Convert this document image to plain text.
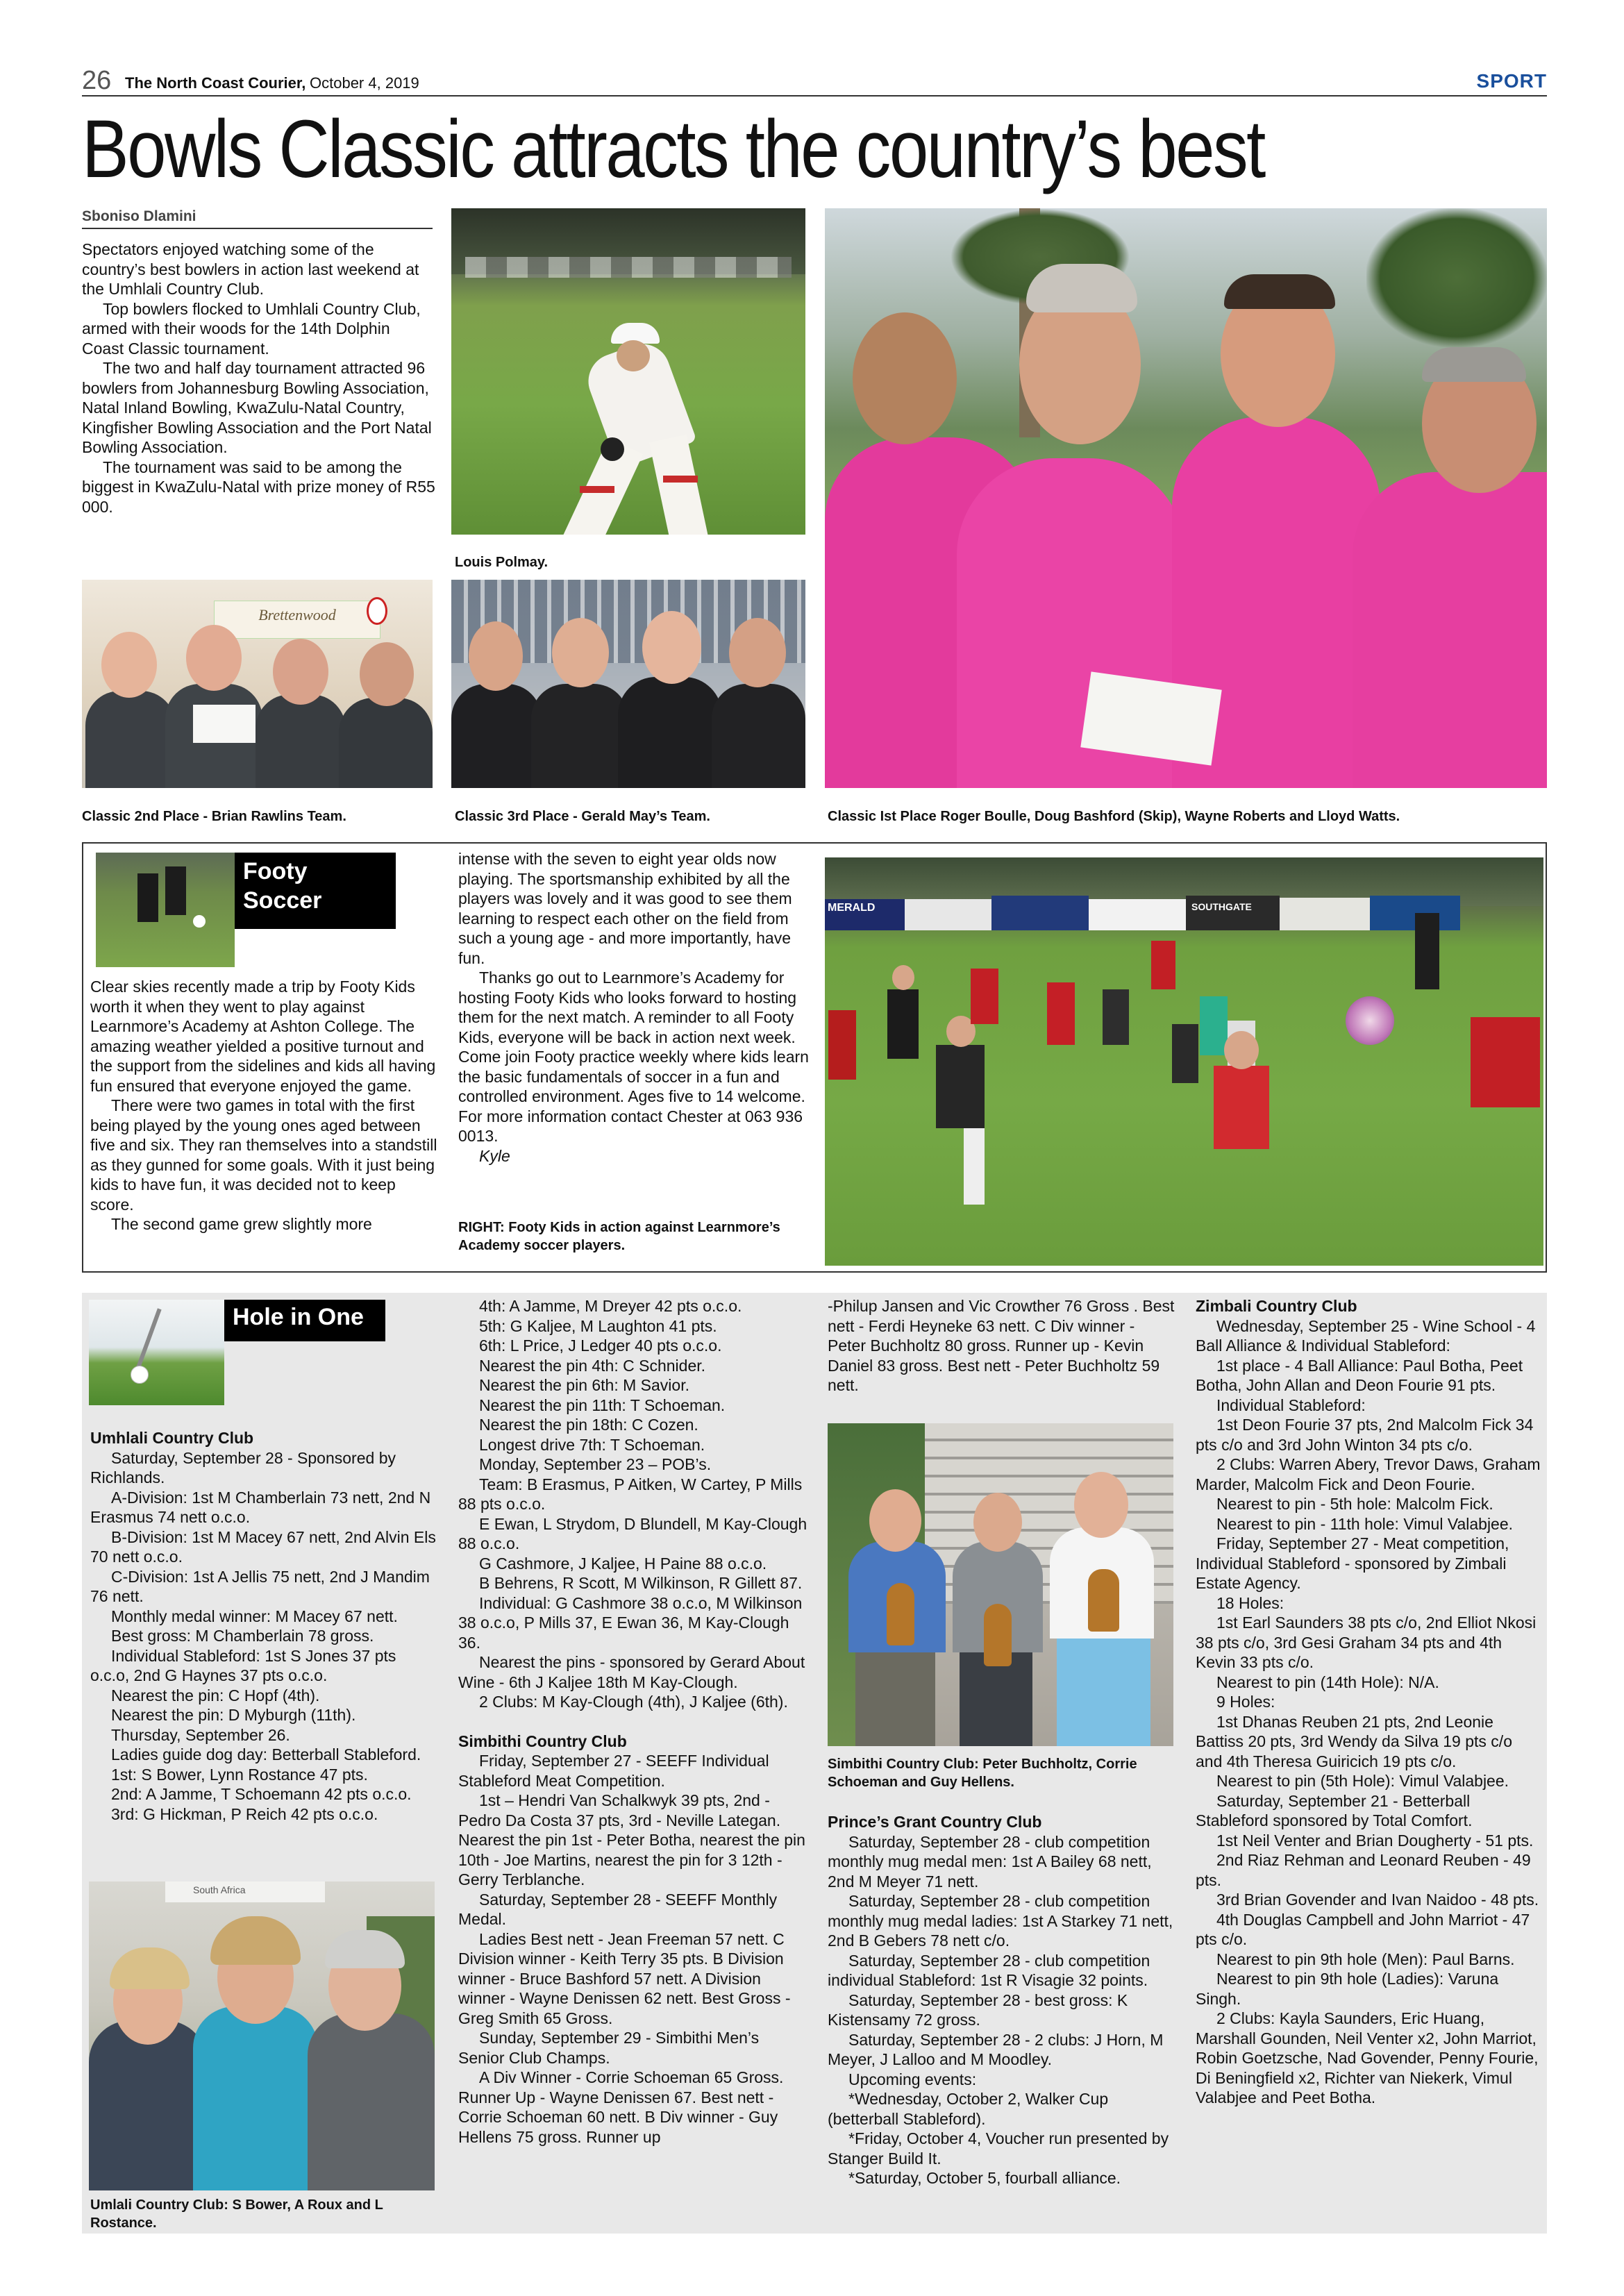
26 The North Coast Courier, October 4, 2019	SPORT
Bowls Classic attracts the country’s best
Sboniso Dlamini

Spectators enjoyed watching some of the country’s best bowlers in action last weekend at the Umhlali Country Club.

Top bowlers flocked to Umhlali Country Club, armed with their woods for the 14th Dolphin Coast Classic tournament.

The two and half day tournament attracted 96 bowlers from Johannesburg Bowling Association, Natal Inland Bowling, KwaZulu-Natal Country, Kingfisher Bowling Association and the Port Natal Bowling Association.

The tournament was said to be among the biggest in KwaZulu-Natal with prize money of R55 000.

Louis Polmay.
Brettenwood
Classic 2nd Place - Brian Rawlins Team.	Classic 3rd Place - Gerald May’s Team.	Classic Ist Place Roger Boulle, Doug Bashford (Skip), Wayne Roberts and Lloyd Watts.
Footy
Soccer

Clear skies recently made a trip by Footy Kids worth it when they went to play against Learnmore’s Academy at Ashton College. The amazing weather yielded a positive turnout and the support from the sidelines and kids all having fun ensured that everyone enjoyed the game.

There were two games in total with the first being played by the young ones aged between five and six. They ran themselves into a standstill as they gunned for some goals. With it just being kids to have fun, it was decided not to keep score.

The second game grew slightly more

intense with the seven to eight year olds now playing. The sportsmanship exhibited by all the players was lovely and it was good to see them learning to respect each other on the field from such a young age - and more importantly, have fun.

Thanks go out to Learnmore’s Academy for hosting Footy Kids who looks forward to hosting them for the next match. A reminder to all Footy Kids, everyone will be back in action next week. Come join Footy practice weekly where kids learn the basic fundamentals of soccer in a fun and controlled environment. Ages five to 14 welcome. For more information contact Chester at 063 936 0013.

Kyle

RIGHT: Footy Kids in action against Learnmore’s Academy soccer players.
MERALD	SOUTHGATE
Hole in One

Umhlali Country Club

Saturday, September 28 - Sponsored by Richlands.

A-Division: 1st M Chamberlain 73 nett, 2nd N Erasmus 74 nett o.c.o.

B-Division: 1st M Macey 67 nett, 2nd Alvin Els 70 nett o.c.o.

C-Division: 1st A Jellis 75 nett, 2nd J Mandim 76 nett.

Monthly medal winner: M Macey 67 nett.

Best gross: M Chamberlain 78 gross.

Individual Stableford: 1st S Jones 37 pts o.c.o, 2nd G Haynes 37 pts o.c.o.

Nearest the pin: C Hopf (4th).

Nearest the pin: D Myburgh (11th).

Thursday, September 26.

Ladies guide dog day: Betterball Stableford.

1st: S Bower, Lynn Rostance 47 pts.

2nd: A Jamme, T Schoemann 42 pts o.c.o.

3rd: G Hickman, P Reich 42 pts o.c.o.

South Africa
Umlali Country Club: S Bower, A Roux and L Rostance.

4th: A Jamme, M Dreyer 42 pts o.c.o.

5th: G Kaljee, M Laughton 41 pts.

6th: L Price, J Ledger 40 pts o.c.o.

Nearest the pin 4th: C Schnider.

Nearest the pin 6th: M Savior.

Nearest the pin 11th: T Schoeman.

Nearest the pin 18th: C Cozen.

Longest drive 7th: T Schoeman.

Monday, September 23 – POB’s.

Team: B Erasmus, P Aitken, W Cartey, P Mills 88 pts o.c.o.

E Ewan, L Strydom, D Blundell, M Kay-Clough 88 o.c.o.

G Cashmore, J Kaljee, H Paine 88 o.c.o.

B Behrens, R Scott, M Wilkinson, R Gillett 87.

Individual: G Cashmore 38 o.c.o, M Wilkinson 38 o.c.o, P Mills 37, E Ewan 36, M Kay-Clough 36.

Nearest the pins - sponsored by Gerard About Wine - 6th J Kaljee 18th M Kay-Clough.

2 Clubs: M Kay-Clough (4th), J Kaljee (6th).

Simbithi Country Club

Friday, September 27 - SEEFF Individual Stableford Meat Competition.

1st – Hendri Van Schalkwyk 39 pts, 2nd - Pedro Da Costa 37 pts, 3rd - Neville Lategan. Nearest the pin 1st - Peter Botha, nearest the pin 10th - Joe Martins, nearest the pin for 3 12th - Gerry Terblanche.

Saturday, September 28 - SEEFF Monthly Medal.

Ladies Best nett - Jean Freeman 57 nett. C Division winner - Keith Terry 35 pts. B Division winner - Bruce Bashford 57 nett. A Division winner - Wayne Denissen 62 nett. Best Gross - Greg Smith 65 Gross.

Sunday, September 29 - Simbithi Men’s Senior Club Champs.

A Div Winner - Corrie Schoeman 65 Gross. Runner Up - Wayne Denissen 67. Best nett - Corrie Schoeman 60 nett. B Div winner - Guy Hellens 75 gross. Runner up

-Philup Jansen and Vic Crowther 76 Gross . Best nett - Ferdi Heyneke 63 nett. C Div winner - Peter Buchholtz 80 gross. Runner up - Kevin Daniel 83 gross. Best nett - Peter Buchholtz 59 nett.

Simbithi Country Club: Peter Buchholtz, Corrie Schoeman and Guy Hellens.

Prince’s Grant Country Club

Saturday, September 28 - club competition monthly mug medal men: 1st A Bailey 68 nett, 2nd M Meyer 71 nett.

Saturday, September 28 - club competition monthly mug medal ladies: 1st A Starkey 71 nett, 2nd B Gebers 78 nett c/o.

Saturday, September 28 - club competition individual Stableford: 1st R Visagie 32 points.

Saturday, September 28 - best gross: K Kistensamy 72 gross.

Saturday, September 28 - 2 clubs: J Horn, M Meyer, J Lalloo and M Moodley.

Upcoming events:

*Wednesday, October 2, Walker Cup (betterball Stableford).

*Friday, October 4, Voucher run presented by Stanger Build It.

*Saturday, October 5, fourball alliance.

Zimbali Country Club

Wednesday, September 25 - Wine School - 4 Ball Alliance & Individual Stableford:

1st place - 4 Ball Alliance: Paul Botha, Peet Botha, John Allan and Deon Fourie 91 pts.

Individual Stableford:

1st Deon Fourie 37 pts, 2nd Malcolm Fick 34 pts c/o and 3rd John Winton 34 pts c/o.

2 Clubs: Warren Abery, Trevor Daws, Graham Marder, Malcolm Fick and Deon Fourie.

Nearest to pin - 5th hole: Malcolm Fick.

Nearest to pin - 11th hole: Vimul Valabjee.

Friday, September 27 - Meat competition, Individual Stableford - sponsored by Zimbali Estate Agency.

18 Holes:

1st Earl Saunders 38 pts c/o, 2nd Elliot Nkosi 38 pts c/o, 3rd Gesi Graham 34 pts and 4th Kevin 33 pts c/o.

Nearest to pin (14th Hole): N/A.

9 Holes:

1st Dhanas Reuben 21 pts, 2nd Leonie Battiss 20 pts, 3rd Wendy da Silva 19 pts c/o and 4th Theresa Guiricich 19 pts c/o.

Nearest to pin (5th Hole): Vimul Valabjee.

Saturday, September 21 - Betterball Stableford sponsored by Total Comfort.

1st Neil Venter and Brian Dougherty - 51 pts.

2nd Riaz Rehman and Leonard Reuben - 49 pts.

3rd Brian Govender and Ivan Naidoo - 48 pts.

4th Douglas Campbell and John Marriot - 47 pts c/o.

Nearest to pin 9th hole (Men): Paul Barns.

Nearest to pin 9th hole (Ladies): Varuna Singh.

2 Clubs: Kayla Saunders, Eric Huang, Marshall Gounden, Neil Venter x2, John Marriot, Robin Goetzsche, Nad Govender, Penny Fourie, Di Beningfield x2, Richter van Niekerk, Vimul Valabjee and Peet Botha.
